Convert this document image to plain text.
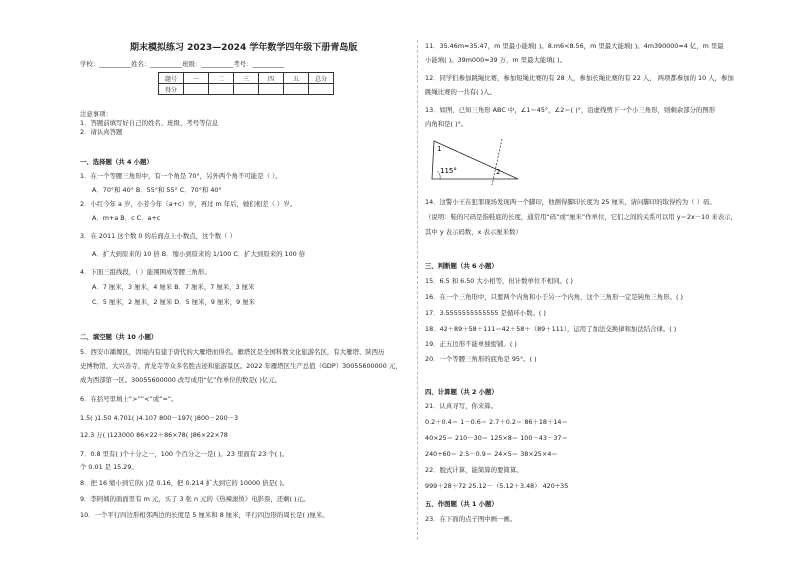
期末模拟练习 2023—2024 学年数学四年级下册青岛版
学校：__________姓名：__________班级：__________考号：__________
题号	一	二	三	四	五	总分
得分						
注意事项：
1．答题前填写好自己的姓名、班级、考号等信息
2．请认真答题
一、选择题（共 4 小题）
1．在一个等腰三角形中，有一个角是 70°，另外两个角不可能是（ ）。
A．70°和 40° B．55°和 55° C．70°和 40°
2．小红今年 a 岁，小芳今年（a+c）岁，再过 m 年后，她们相差（ ）岁。
A．m+a B．c C．a+c
3．在 2011 这个数 0 的后面点上小数点，这个数（ ）
A．扩大到原来的 10 倍 B．缩小到原来的 1/100 C．扩大到原来的 100 倍
4．下面三组线段，（ ）能围围成等腰三角形。
A．7 厘米，3 厘米，4 厘米 B．7 厘米，7 厘米，3 厘米
C．5 厘米，2 厘米，2 厘米 D．5 厘米，9 厘米，9 厘米
二、填空题（共 10 小题）
5．西安市灞塬区，因境内有建于唐代的大雁塔而得名。雁塔区是全国科教文化旅游名区，有大雁塔、陕西历
史博物馆、大兴善寺、青龙寺等众多名胜古迹和旅游景区。2022 年雁塔区生产总值（GDP）30055600000 元，
成为西部第一区。30055600000 改写成用“亿”作单位的数是( )亿元。
6．在括号里填上“>”“<”或“=”。
1.5( )1.50 4.701( )4.107 800－197( )800－200－3
12.3 万( )123000 86×22＋86×78( )86×22×78
7．0.8 里有( )个十分之一，100 个百分之一是( )。23 里面有 23 个( )。
个 0.01 是 15.29。
8．把 16 缩小到它的( )是 0.16，把 0.214 扩大到它的 10000 倍是( )。
9．李阿姨的面面里有 m 元，买了 3 张 n 元的《热辣滚烫》电影票，还剩( )元。
10．一个平行四边形相邻两边的长度是 5 厘米和 8 厘米，平行四边形的周长是( )厘米。
11．35.46m≈35.47，m 里最小能填( )。8.m6<8.56，m 里最大能填( )。4m390000≈4 亿，m 里最
小能填( )。39m000≈39 万，m 里最大能填( )。
12．同学们参加跳绳比赛，参加短绳比赛的有 28 人，参加长绳比赛的有 22 人， 两项都参加的 10 人，参加
跳绳比赛的一共有( )人。
13．如图，已知三角形 ABC 中，∠1＝45°，∠2＝( )°，沿虚线剪下一个小三角形，则剩余部分的图形
内角和是( )°。
115°
1
2
14．这警小王在犯罪现场发现两一个脚印，他测得脚印长度为 25 厘米，请问脚印的取得约为（ ）码。
（说明：鞋的尺码是指鞋底的长度，通常用“码”或“厘米”作单位，它们之间的关系可以用 y＝2x－10 来表示，
其中 y 表示码数，x 表示厘米数）
三、判断题（共 6 小题）
15．6.5 和 6.50 大小相等，但计数单位不相同。( )
16．在一个三角形中，只要两个内角和小于另一个内角，这个三角形一定是钝角三角形。( )
17．3.5555555555555 是循环小数。( )
18．42＋89＋58＋111＝42＋58＋（89＋111），运用了加法交换律和加法结合律。( )
19．正五边形不能单独密铺。( )
20．一个等腰三角形的底角是 95°。( )
四、计算题（共 2 小题）
21．认真寻写，你来算。
0.2＋0.4＝ 1－0.6＝ 2.7＋0.2＝ 86＋18＋14＝
40×25＝ 210－30＝ 125×8＝ 100－43－37＝
240÷60＝ 2.5－0.9＝ 24×5＝ 38×25×4＝
22．脱式计算，能简算的要简算。
999＋28＋72 25.12－（5.12＋3.48） 420÷35
五、作图题（共 1 小题）
23．在下面的点子图中画一画。
